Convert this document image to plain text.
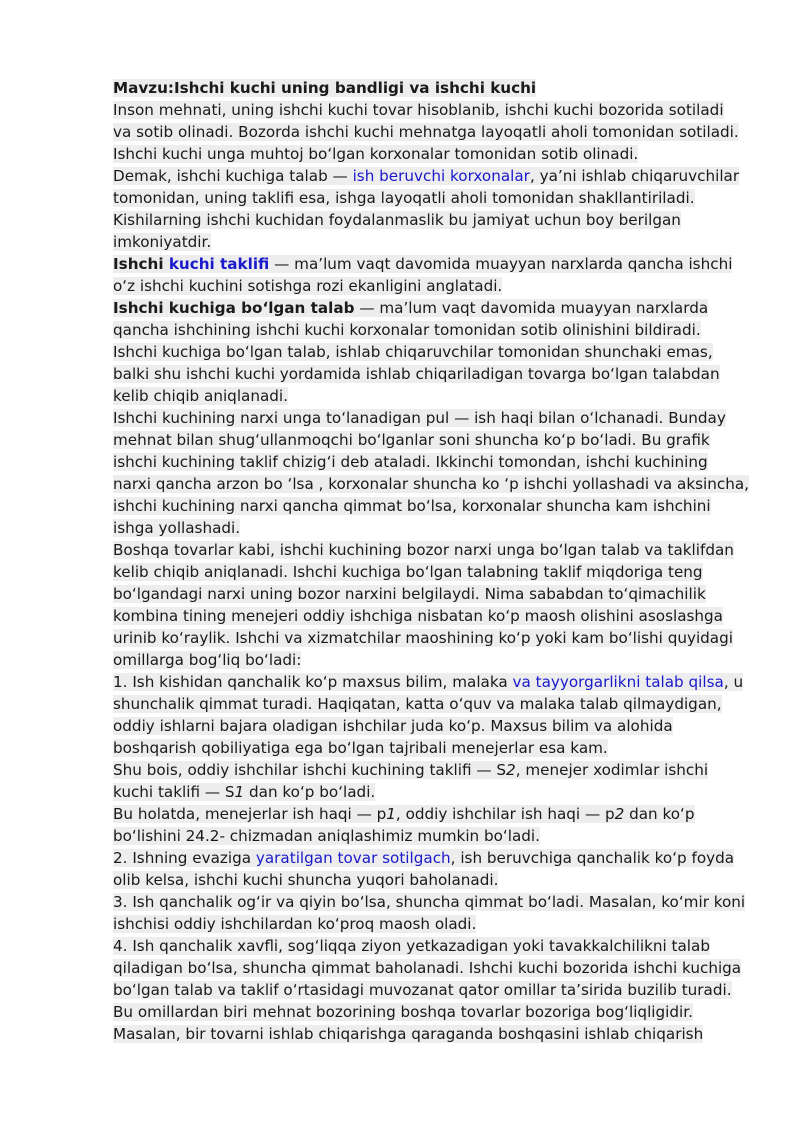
Mavzu:Ishchi kuchi uning bandligi va ishchi kuchi
Inson mehnati, uning ishchi kuchi tovar hisoblanib, ishchi kuchi bozorida sotiladi
va sotib olinadi. Bozorda ishchi kuchi mehnatga layoqatli aholi tomonidan sotiladi.
Ishchi kuchi unga muhtoj boʻlgan korxonalar tomonidan sotib olinadi.
Demak, ishchi kuchiga talab — ish beruvchi korxonalar, yaʼni ishlab chiqaruvchilar
tomonidan, uning taklifi esa, ishga layoqatli aholi tomonidan shakllantiriladi.
Kishilarning ishchi kuchidan foydalanmaslik bu jamiyat uchun boy berilgan
imkoniyatdir.
Ishchi kuchi taklifi — maʼlum vaqt davomida muayyan narxlarda qancha ishchi
oʻz ishchi kuchini sotishga rozi ekanligini anglatadi.
Ishchi kuchiga boʻlgan talab — maʼlum vaqt davomida muayyan narxlarda
qancha ishchining ishchi kuchi korxonalar tomonidan sotib olinishini bildiradi.
Ishchi kuchiga boʻlgan talab, ishlab chiqaruvchilar tomonidan shunchaki emas,
balki shu ishchi kuchi yordamida ishlab chiqariladigan tovarga boʻlgan talabdan
kelib chiqib aniqlanadi.
Ishchi kuchining narxi unga toʻlanadigan pul — ish haqi bilan oʻlchanadi. Bunday
mehnat bilan shugʻullanmoqchi boʻlganlar soni shuncha koʻp boʻladi. Bu grafik
ishchi kuchining taklif chizigʻi deb ataladi. Ikkinchi tomondan, ishchi kuchining
narxi qancha arzon bo ʻlsa , korxonalar shuncha ko ʻp ishchi yollashadi va aksincha,
ishchi kuchining narxi qancha qimmat boʻlsa, korxonalar shuncha kam ishchini
ishga yollashadi.
Boshqa tovarlar kabi, ishchi kuchining bozor narxi unga boʻlgan talab va taklifdan
kelib chiqib aniqlanadi. Ishchi kuchiga boʻlgan talabning taklif miqdoriga teng
boʻlgandagi narxi uning bozor narxini belgilaydi. Nima sababdan toʻqimachilik
kombina tining menejeri oddiy ishchiga nisbatan koʻp maosh olishini asoslashga
urinib koʻraylik. Ishchi va xizmatchilar maoshining koʻp yoki kam boʻlishi quyidagi
omillarga bogʻliq boʻladi:
1. Ish kishidan qanchalik koʻp maxsus bilim, malaka va tayyorgarlikni talab qilsa, u
shunchalik qimmat turadi. Haqiqatan, katta oʻquv va malaka talab qilmaydigan,
oddiy ishlarni bajara oladigan ishchilar juda koʻp. Maxsus bilim va alohida
boshqarish qobiliyatiga ega boʻlgan tajribali menejerlar esa kam.
Shu bois, oddiy ishchilar ishchi kuchining taklifi — S2, menejer xodimlar ishchi
kuchi taklifi — S1 dan koʻp boʻladi.
Bu holatda, menejerlar ish haqi — p1, oddiy ishchilar ish haqi — p2 dan koʻp
boʻlishini 24.2- chizmadan aniqlashimiz mumkin boʻladi.
2. Ishning evaziga yaratilgan tovar sotilgach, ish beruvchiga qanchalik koʻp foyda
olib kelsa, ishchi kuchi shuncha yuqori baholanadi.
3. Ish qanchalik ogʻir va qiyin boʻlsa, shuncha qimmat boʻladi. Masalan, koʻmir koni
ishchisi oddiy ishchilardan koʻproq maosh oladi.
4. Ish qanchalik xavfli, sogʻliqqa ziyon yetkazadigan yoki tavakkalchilikni talab
qiladigan boʻlsa, shuncha qimmat baholanadi. Ishchi kuchi bozorida ishchi kuchiga
boʻlgan talab va taklif oʻrtasidagi muvozanat qator omillar taʼsirida buzilib turadi.
Bu omillardan biri mehnat bozorining boshqa tovarlar bozoriga bogʻliqligidir.
Masalan, bir tovarni ishlab chiqarishga qaraganda boshqasini ishlab chiqarish
